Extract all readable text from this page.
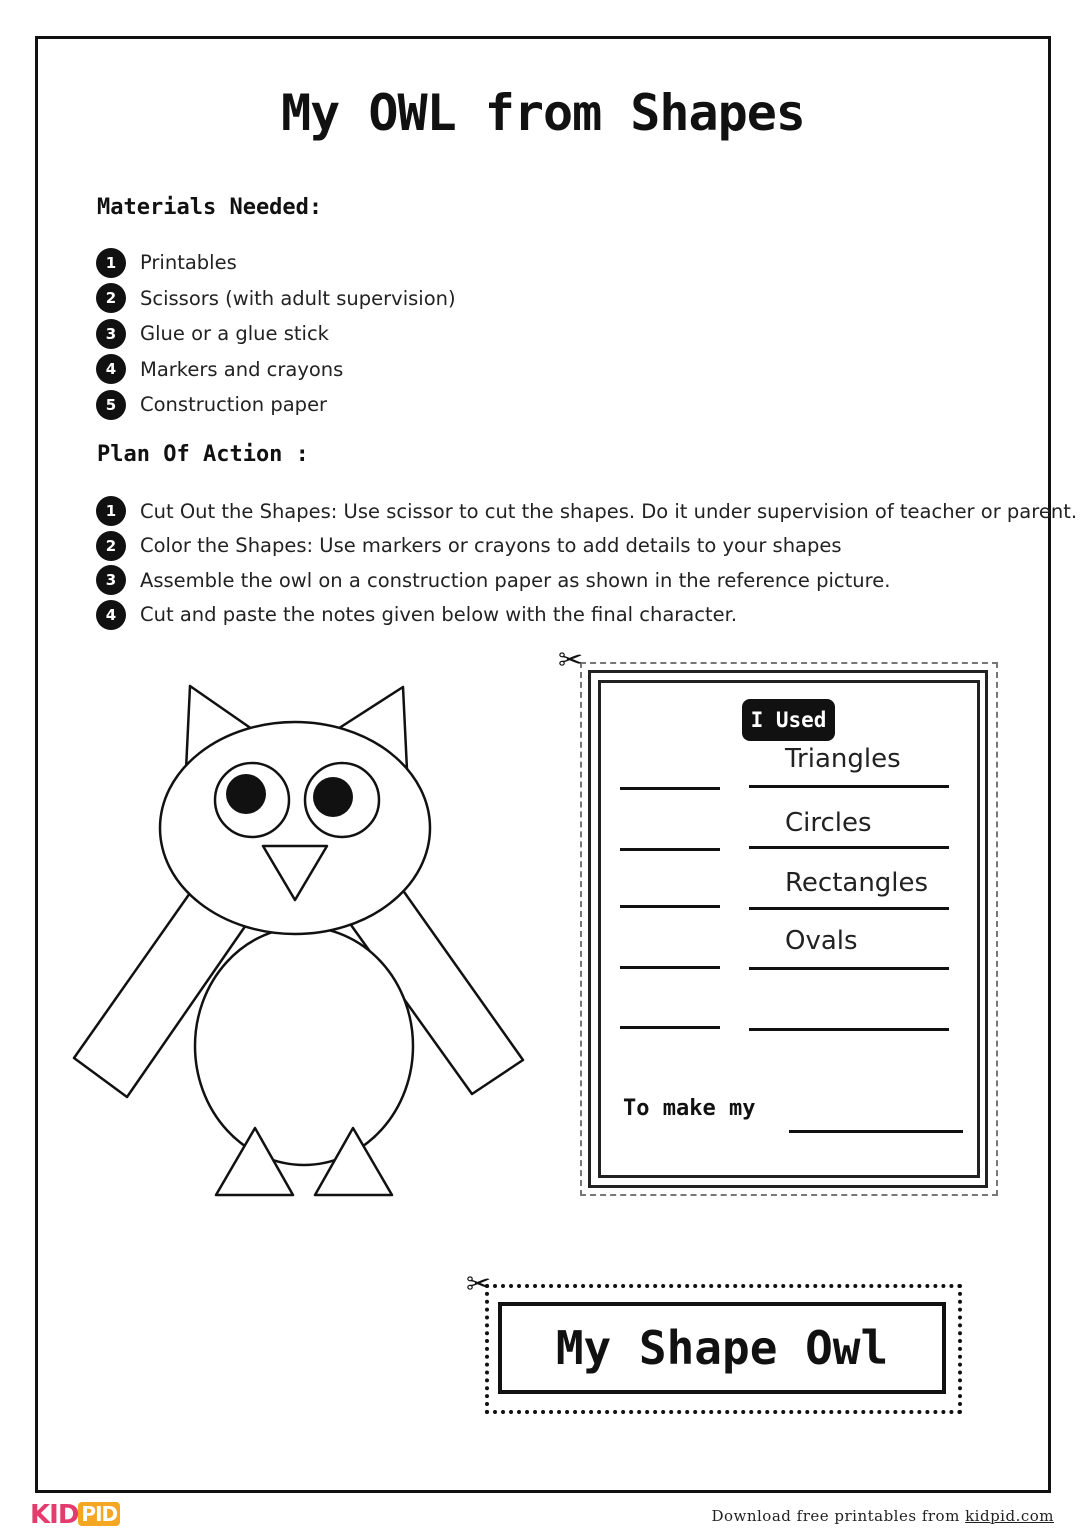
My OWL from Shapes
Materials Needed:
1	Printables
2	Scissors (with adult supervision)
3	Glue or a glue stick
4	Markers and crayons
5	Construction paper
Plan Of Action :
1	Cut Out the Shapes: Use scissor to cut the shapes. Do it under supervision of teacher or parent.
2	Color the Shapes: Use markers or crayons to add details to your shapes
3	Assemble the owl on a construction paper as shown in the reference picture.
4	Cut and paste the notes given below with the final character.
✂
I Used
Triangles
Circles
Rectangles
Ovals
To make my
✂
My Shape Owl
KID PID	Download free printables from kidpid.com
